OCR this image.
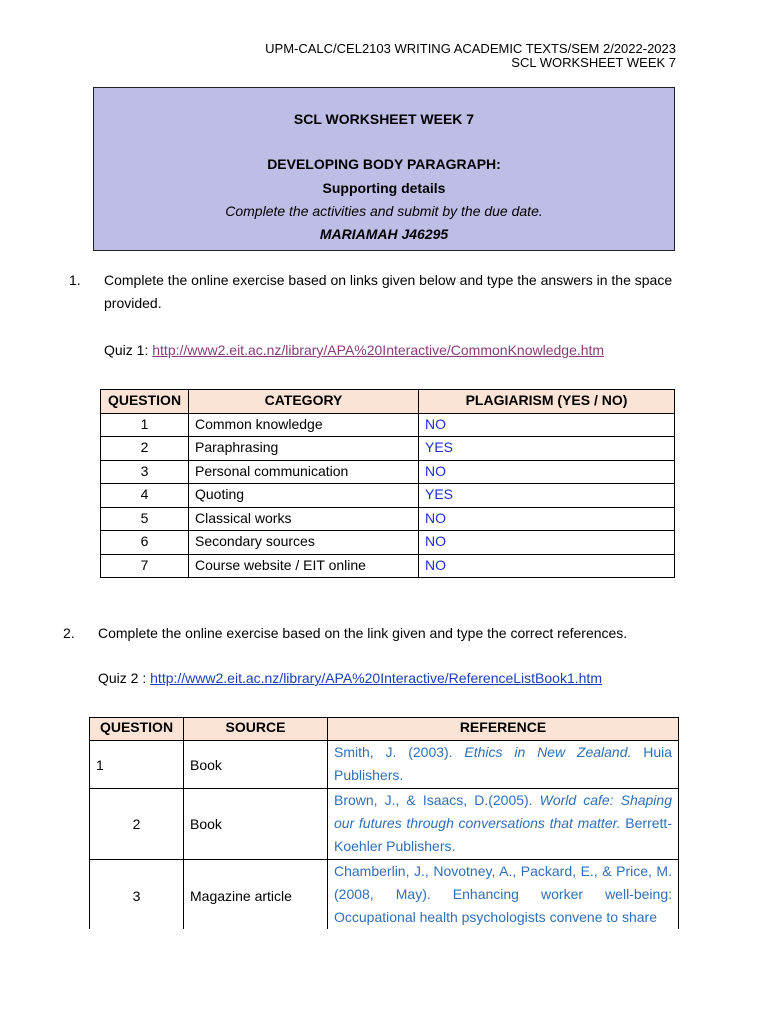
UPM-CALC/CEL2103 WRITING ACADEMIC TEXTS/SEM 2/2022-2023
SCL WORKSHEET WEEK 7
SCL WORKSHEET WEEK 7
DEVELOPING BODY PARAGRAPH:
Supporting details
Complete the activities and submit by the due date.
MARIAMAH J46295
1. Complete the online exercise based on links given below and type the answers in the space provided.
Quiz 1: http://www2.eit.ac.nz/library/APA%20Interactive/CommonKnowledge.htm
QUESTION	CATEGORY	PLAGIARISM (YES / NO)
1	Common knowledge	NO
2	Paraphrasing	YES
3	Personal communication	NO
4	Quoting	YES
5	Classical works	NO
6	Secondary sources	NO
7	Course website / EIT online	NO
2. Complete the online exercise based on the link given and type the correct references.
Quiz 2 : http://www2.eit.ac.nz/library/APA%20Interactive/ReferenceListBook1.htm
QUESTION	SOURCE	REFERENCE
1	Book	Smith, J. (2003). Ethics in New Zealand. Huia Publishers.
2	Book	Brown, J., & Isaacs, D.(2005). World cafe: Shaping our futures through conversations that matter. Berrett-Koehler Publishers.
3	Magazine article	Chamberlin, J., Novotney, A., Packard, E., & Price, M. (2008, May). Enhancing worker well-being: Occupational health psychologists convene to share
